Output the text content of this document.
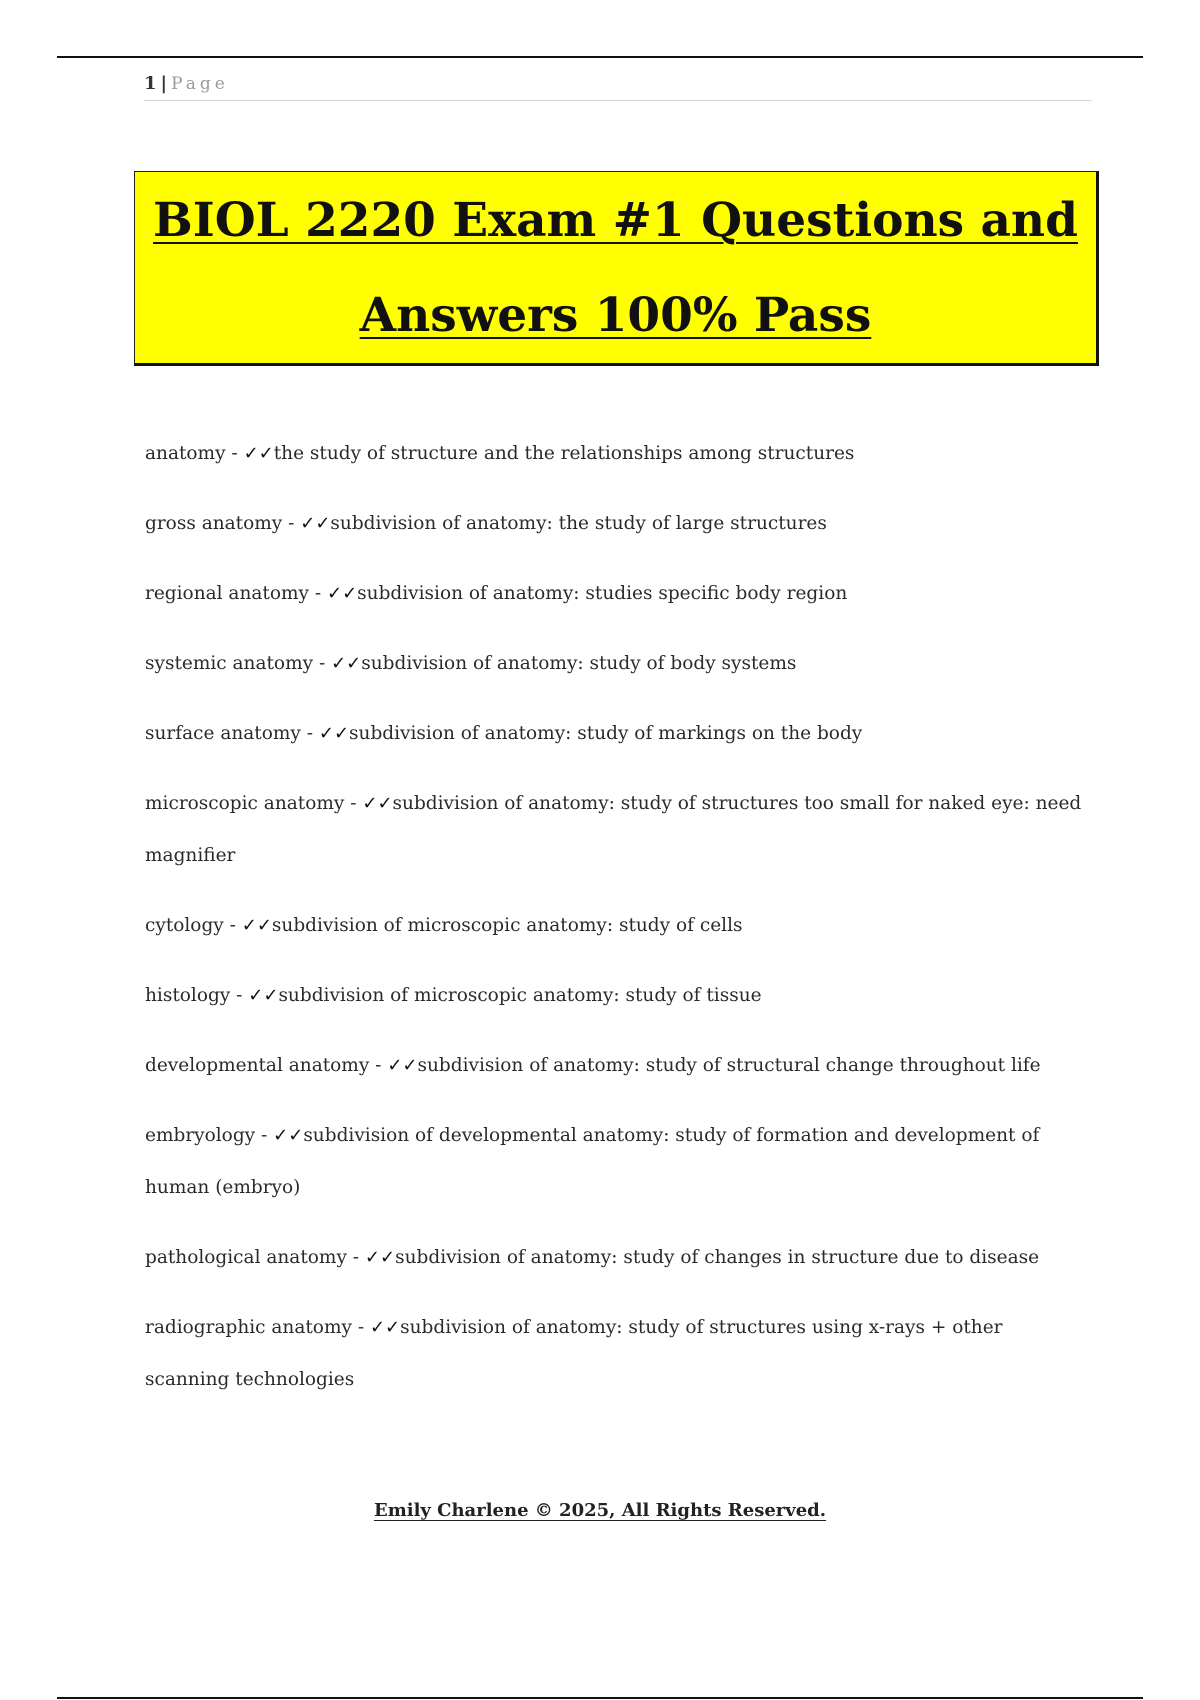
1 | Page
BIOL 2220 Exam #1 Questions and
Answers 100% Pass
anatomy - ✓✓the study of structure and the relationships among structures
gross anatomy - ✓✓subdivision of anatomy: the study of large structures
regional anatomy - ✓✓subdivision of anatomy: studies specific body region
systemic anatomy - ✓✓subdivision of anatomy: study of body systems
surface anatomy - ✓✓subdivision of anatomy: study of markings on the body
microscopic anatomy - ✓✓subdivision of anatomy: study of structures too small for naked eye: need magnifier
cytology - ✓✓subdivision of microscopic anatomy: study of cells
histology - ✓✓subdivision of microscopic anatomy: study of tissue
developmental anatomy - ✓✓subdivision of anatomy: study of structural change throughout life
embryology - ✓✓subdivision of developmental anatomy: study of formation and development of human (embryo)
pathological anatomy - ✓✓subdivision of anatomy: study of changes in structure due to disease
radiographic anatomy - ✓✓subdivision of anatomy: study of structures using x-rays + other scanning technologies
Emily Charlene © 2025, All Rights Reserved.
